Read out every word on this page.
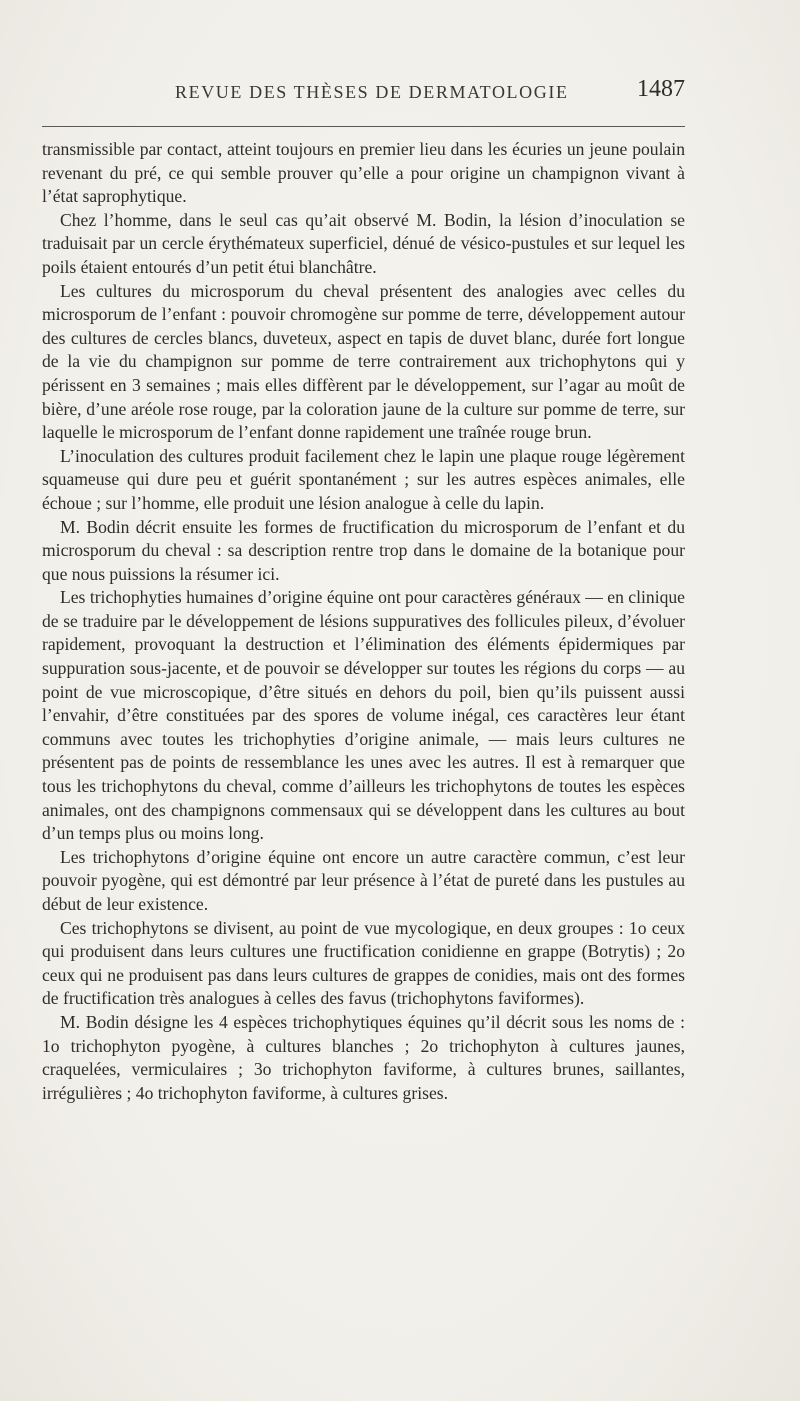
REVUE DES THÈSES DE DERMATOLOGIE	1487

transmissible par contact, atteint toujours en premier lieu dans les écuries un jeune poulain revenant du pré, ce qui semble prouver qu’elle a pour origine un champignon vivant à l’état saprophytique.

Chez l’homme, dans le seul cas qu’ait observé M. Bodin, la lésion d’inoculation se traduisait par un cercle érythémateux superficiel, dénué de vésico-pustules et sur lequel les poils étaient entourés d’un petit étui blanchâtre.

Les cultures du microsporum du cheval présentent des analogies avec celles du microsporum de l’enfant : pouvoir chromogène sur pomme de terre, développement autour des cultures de cercles blancs, duveteux, aspect en tapis de duvet blanc, durée fort longue de la vie du champignon sur pomme de terre contrairement aux trichophytons qui y périssent en 3 semaines ; mais elles diffèrent par le développement, sur l’agar au moût de bière, d’une aréole rose rouge, par la coloration jaune de la culture sur pomme de terre, sur laquelle le microsporum de l’enfant donne rapidement une traînée rouge brun.

L’inoculation des cultures produit facilement chez le lapin une plaque rouge légèrement squameuse qui dure peu et guérit spontanément ; sur les autres espèces animales, elle échoue ; sur l’homme, elle produit une lésion analogue à celle du lapin.

M. Bodin décrit ensuite les formes de fructification du microsporum de l’enfant et du microsporum du cheval : sa description rentre trop dans le domaine de la botanique pour que nous puissions la résumer ici.

Les trichophyties humaines d’origine équine ont pour caractères généraux — en clinique de se traduire par le développement de lésions suppuratives des follicules pileux, d’évoluer rapidement, provoquant la destruction et l’élimination des éléments épidermiques par suppuration sous-jacente, et de pouvoir se développer sur toutes les régions du corps — au point de vue microscopique, d’être situés en dehors du poil, bien qu’ils puissent aussi l’envahir, d’être constituées par des spores de volume inégal, ces caractères leur étant communs avec toutes les trichophyties d’origine animale, — mais leurs cultures ne présentent pas de points de ressemblance les unes avec les autres. Il est à remarquer que tous les trichophytons du cheval, comme d’ailleurs les trichophytons de toutes les espèces animales, ont des champignons commensaux qui se développent dans les cultures au bout d’un temps plus ou moins long.

Les trichophytons d’origine équine ont encore un autre caractère commun, c’est leur pouvoir pyogène, qui est démontré par leur présence à l’état de pureté dans les pustules au début de leur existence.

Ces trichophytons se divisent, au point de vue mycologique, en deux groupes : 1o ceux qui produisent dans leurs cultures une fructification conidienne en grappe (Botrytis) ; 2o ceux qui ne produisent pas dans leurs cultures de grappes de conidies, mais ont des formes de fructification très analogues à celles des favus (trichophytons faviformes).

M. Bodin désigne les 4 espèces trichophytiques équines qu’il décrit sous les noms de : 1o trichophyton pyogène, à cultures blanches ; 2o trichophyton à cultures jaunes, craquelées, vermiculaires ; 3o trichophyton faviforme, à cultures brunes, saillantes, irrégulières ; 4o trichophyton faviforme, à cultures grises.
